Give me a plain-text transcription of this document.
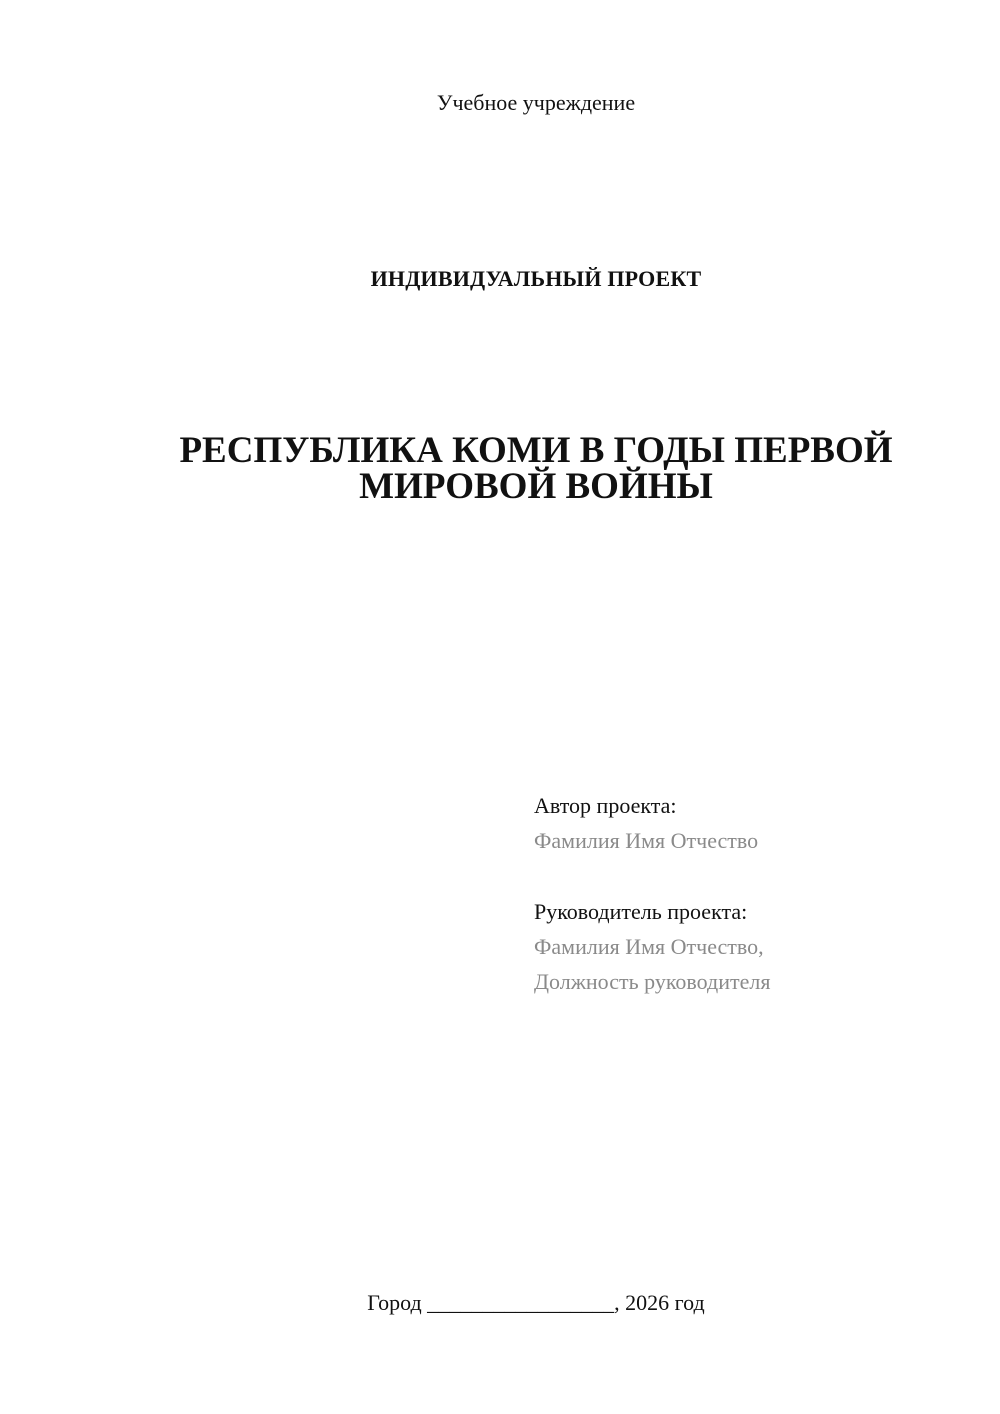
Учебное учреждение
ИНДИВИДУАЛЬНЫЙ ПРОЕКТ
РЕСПУБЛИКА КОМИ В ГОДЫ ПЕРВОЙ
МИРОВОЙ ВОЙНЫ
Автор проекта:
Фамилия Имя Отчество
Руководитель проекта:
Фамилия Имя Отчество,
Должность руководителя
Город _________________, 2026 год
